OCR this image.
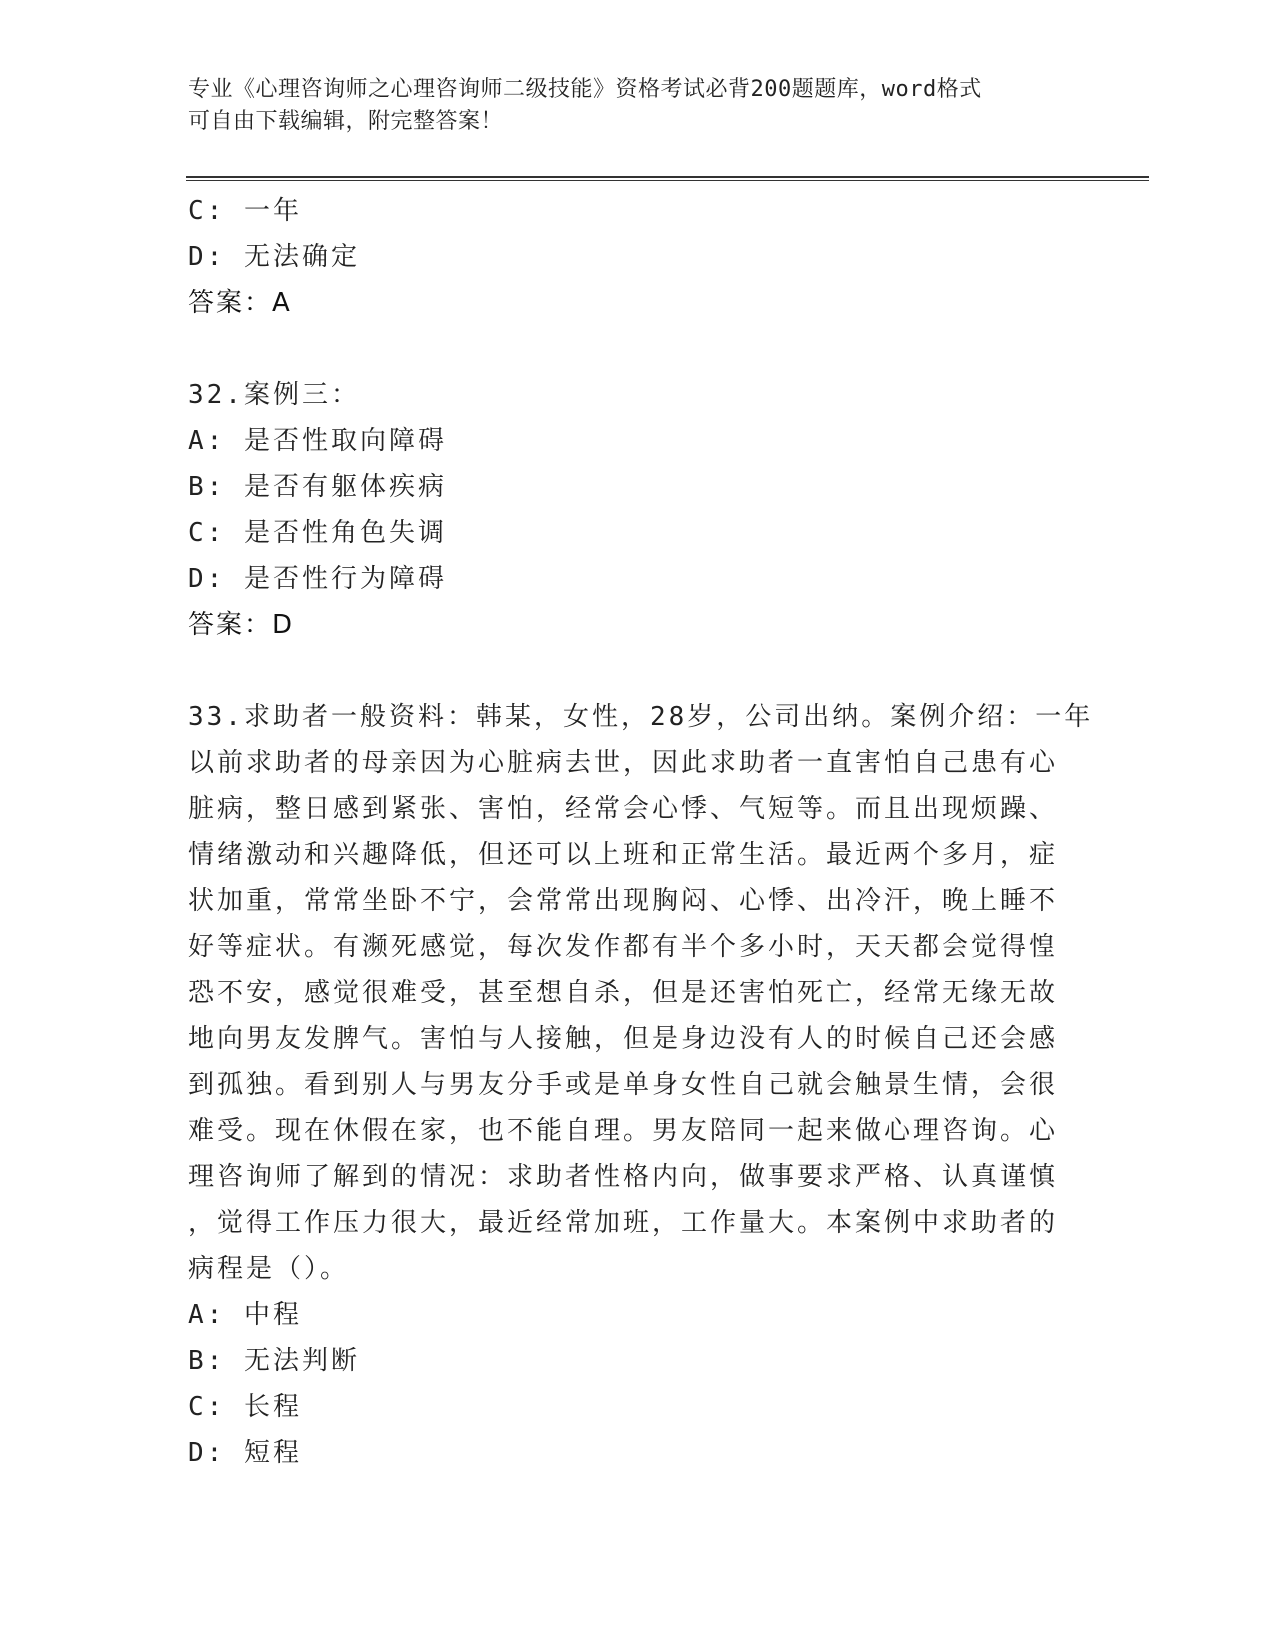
专业《心理咨询师之心理咨询师二级技能》资格考试必背200题题库，word格式
可自由下载编辑，附完整答案！
C: 一年
D: 无法确定
答案：A
32.案例三：
A: 是否性取向障碍
B: 是否有躯体疾病
C: 是否性角色失调
D: 是否性行为障碍
答案：D
33.求助者一般资料：韩某，女性，28岁，公司出纳。案例介绍：一年
以前求助者的母亲因为心脏病去世，因此求助者一直害怕自己患有心
脏病，整日感到紧张、害怕，经常会心悸、气短等。而且出现烦躁、
情绪激动和兴趣降低，但还可以上班和正常生活。最近两个多月，症
状加重，常常坐卧不宁，会常常出现胸闷、心悸、出冷汗，晚上睡不
好等症状。有濒死感觉，每次发作都有半个多小时，天天都会觉得惶
恐不安，感觉很难受，甚至想自杀，但是还害怕死亡，经常无缘无故
地向男友发脾气。害怕与人接触，但是身边没有人的时候自己还会感
到孤独。看到别人与男友分手或是单身女性自己就会触景生情，会很
难受。现在休假在家，也不能自理。男友陪同一起来做心理咨询。心
理咨询师了解到的情况：求助者性格内向，做事要求严格、认真谨慎
，觉得工作压力很大，最近经常加班，工作量大。本案例中求助者的
病程是（）。
A: 中程
B: 无法判断
C: 长程
D: 短程
